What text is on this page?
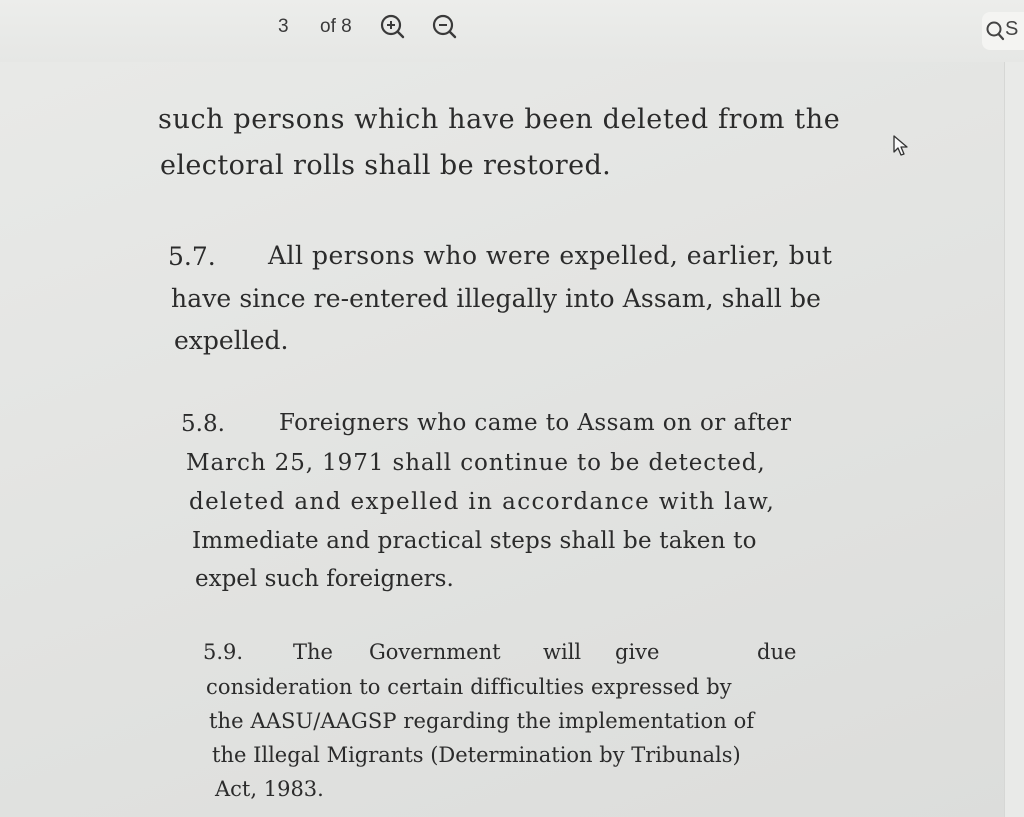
3 of 8	S
such persons which have been deleted from the
electoral rolls shall be restored.
5.7. All persons who were expelled, earlier, but
have since re-entered illegally into Assam, shall be
expelled.
5.8. Foreigners who came to Assam on or after
March 25, 1971 shall continue to be detected,
deleted and expelled in accordance with law,
Immediate and practical steps shall be taken to
expel such foreigners.
5.9. The Government will give	due
consideration to certain difficulties expressed by
the AASU/AAGSP regarding the implementation of
the Illegal Migrants (Determination by Tribunals)
Act, 1983.
